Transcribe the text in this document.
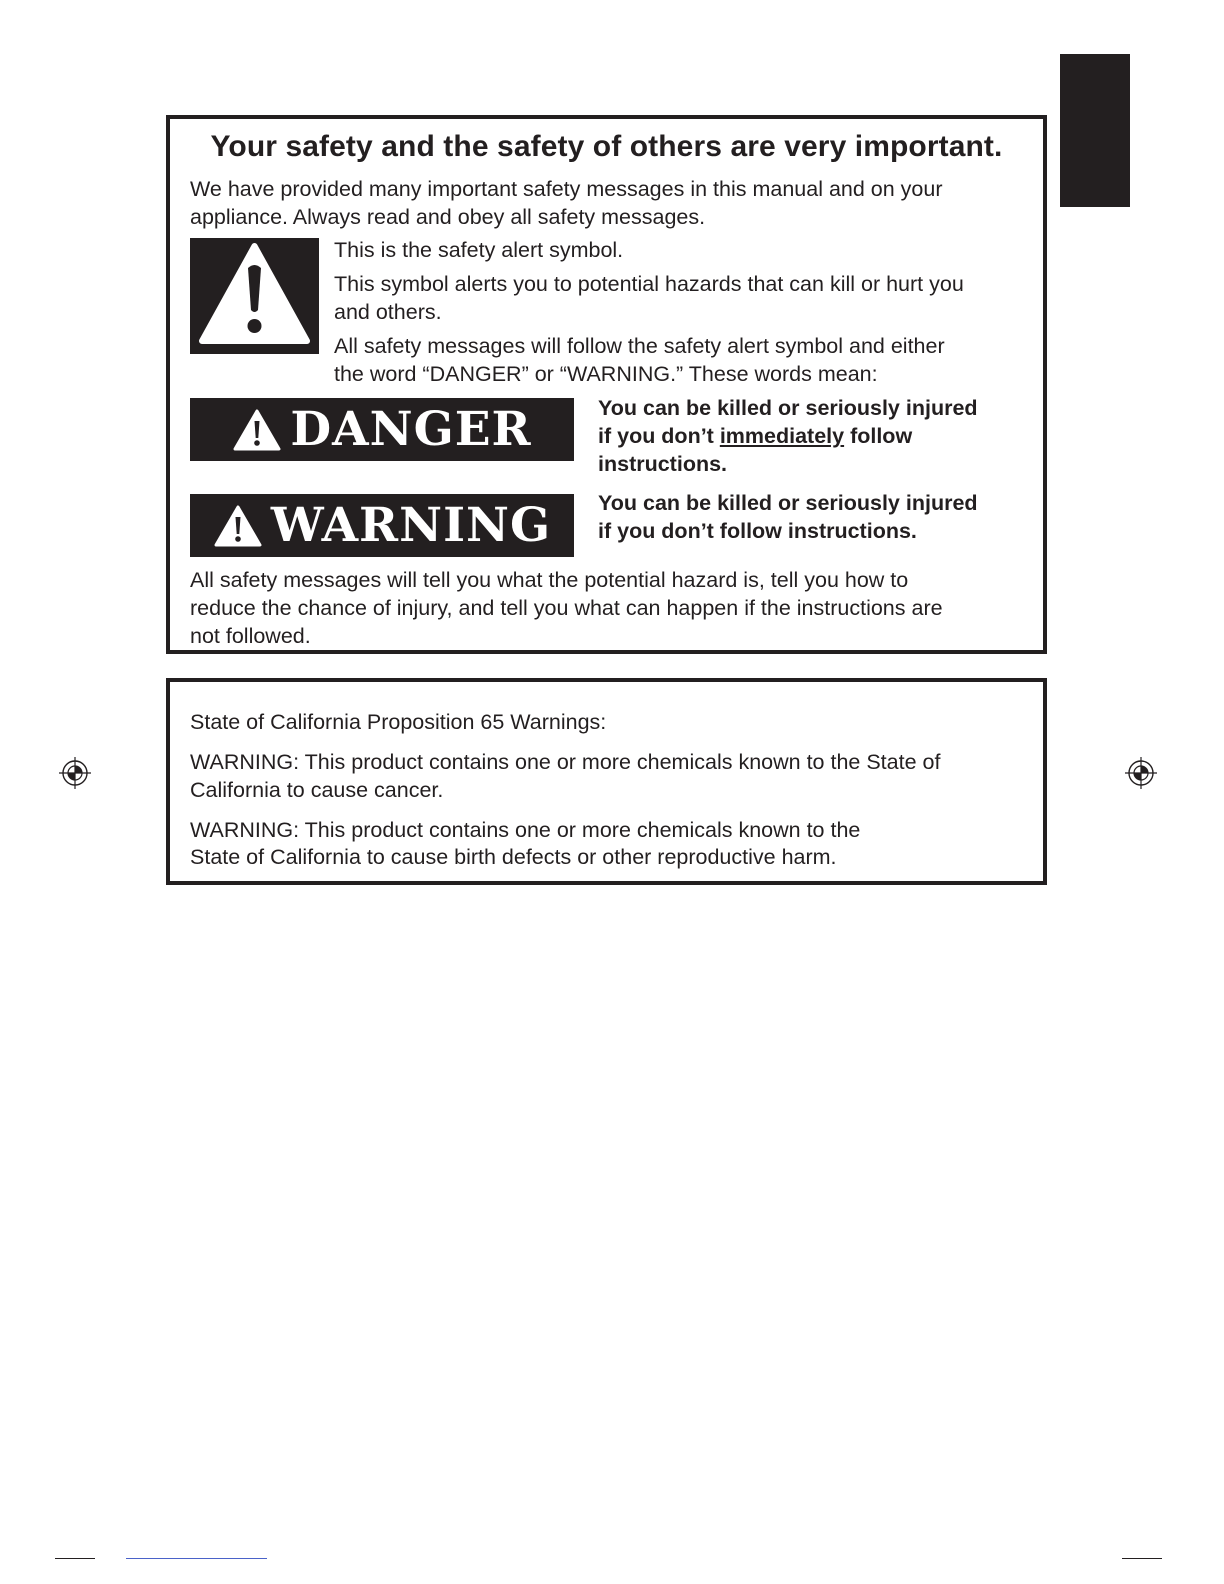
Your safety and the safety of others are very important.
We have provided many important safety messages in this manual and on your
appliance. Always read and obey all safety messages.
This is the safety alert symbol.
This symbol alerts you to potential hazards that can kill or hurt you
and others.
All safety messages will follow the safety alert symbol and either
the word “DANGER” or “WARNING.” These words mean:
DANGER	You can be killed or seriously injured
if you don’t immediately follow
instructions.
WARNING You can be killed or seriously injured
if you don’t follow instructions.
All safety messages will tell you what the potential hazard is, tell you how to
reduce the chance of injury, and tell you what can happen if the instructions are
not followed.
State of California Proposition 65 Warnings:
WARNING: This product contains one or more chemicals known to the State of
California to cause cancer.
WARNING: This product contains one or more chemicals known to the
State of California to cause birth defects or other reproductive harm.
